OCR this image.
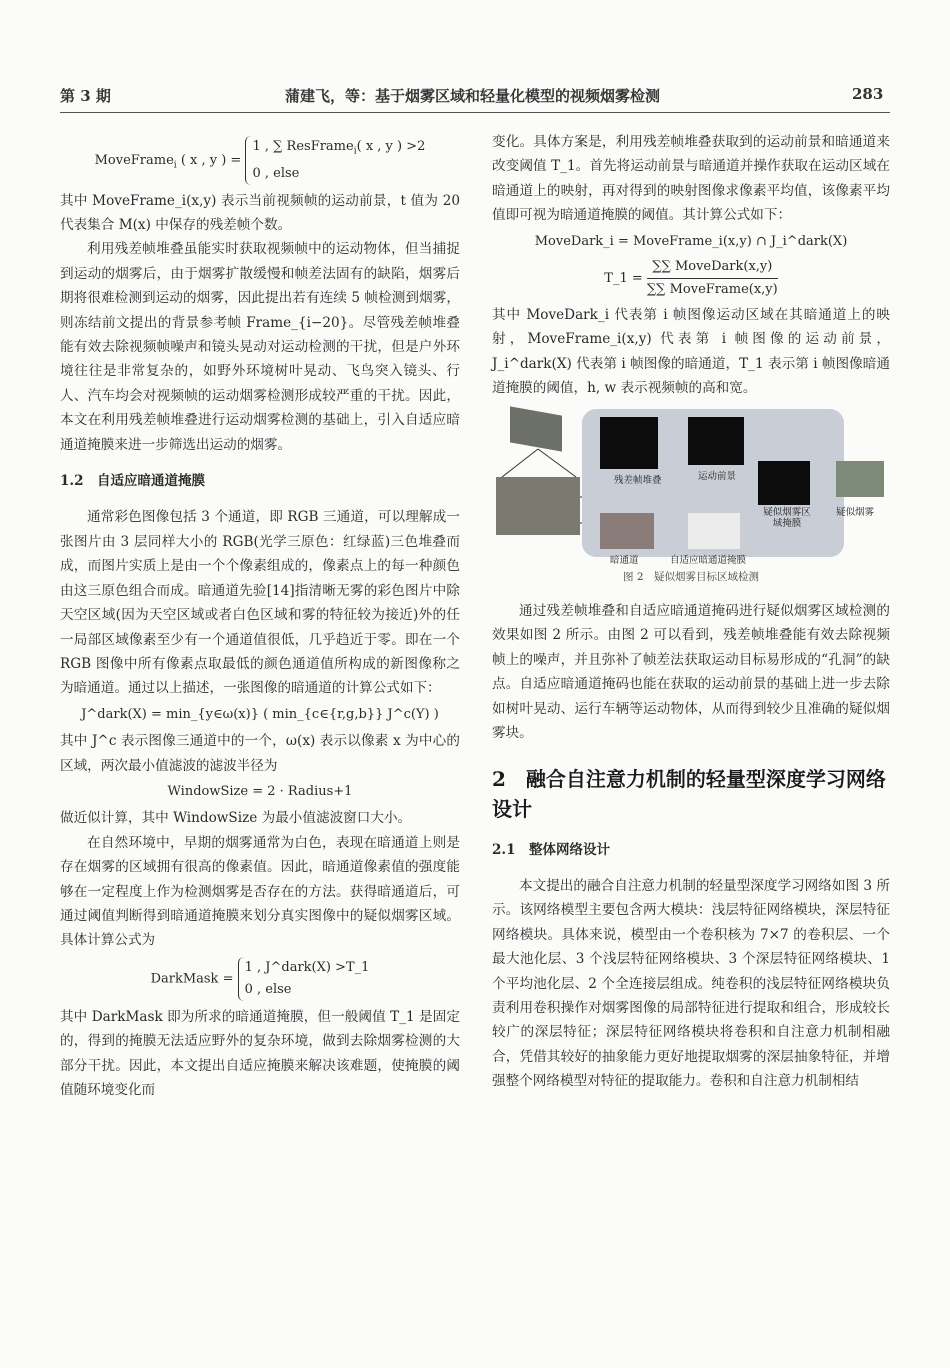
第 3 期	蒲建飞，等：基于烟雾区域和轻量化模型的视频烟雾检测	283
MoveFrame$_i$ ( x , y ) = 1 , ∑ ResFrame$_i$( x , y ) >2
0 , else

其中 MoveFrame_i(x,y) 表示当前视频帧的运动前景，t 值为 20 代表集合 M(x) 中保存的残差帧个数。

利用残差帧堆叠虽能实时获取视频帧中的运动物体，但当捕捉到运动的烟雾后，由于烟雾扩散缓慢和帧差法固有的缺陷，烟雾后期将很难检测到运动的烟雾，因此提出若有连续 5 帧检测到烟雾，则冻结前文提出的背景参考帧 Frame_{i−20}。尽管残差帧堆叠能有效去除视频帧噪声和镜头晃动对运动检测的干扰，但是户外环境往往是非常复杂的，如野外环境树叶晃动、飞鸟突入镜头、行人、汽车均会对视频帧的运动烟雾检测形成较严重的干扰。因此，本文在利用残差帧堆叠进行运动烟雾检测的基础上，引入自适应暗通道掩膜来进一步筛选出运动的烟雾。

1.2　自适应暗通道掩膜

通常彩色图像包括 3 个通道，即 RGB 三通道，可以理解成一张图片由 3 层同样大小的 RGB(光学三原色：红绿蓝)三色堆叠而成，而图片实质上是由一个个像素组成的，像素点上的每一种颜色由这三原色组合而成。暗通道先验[14]指清晰无雾的彩色图片中除天空区域(因为天空区域或者白色区域和雾的特征较为接近)外的任一局部区域像素至少有一个通道值很低，几乎趋近于零。即在一个 RGB 图像中所有像素点取最低的颜色通道值所构成的新图像称之为暗通道。通过以上描述，一张图像的暗通道的计算公式如下：

J^dark(X) = min_{y∈ω(x)} ( min_{c∈{r,g,b}} J^c(Y) )

其中 J^c 表示图像三通道中的一个，ω(x) 表示以像素 x 为中心的区域，两次最小值滤波的滤波半径为

WindowSize = 2 · Radius+1

做近似计算，其中 WindowSize 为最小值滤波窗口大小。

在自然环境中，早期的烟雾通常为白色，表现在暗通道上则是存在烟雾的区域拥有很高的像素值。因此，暗通道像素值的强度能够在一定程度上作为检测烟雾是否存在的方法。获得暗通道后，可通过阈值判断得到暗通道掩膜来划分真实图像中的疑似烟雾区域。具体计算公式为

DarkMask = 1 , J^dark(X) >T_1
0 , else

其中 DarkMask 即为所求的暗通道掩膜，但一般阈值 T_1 是固定的，得到的掩膜无法适应野外的复杂环境，做到去除烟雾检测的大部分干扰。因此，本文提出自适应掩膜来解决该难题，使掩膜的阈值随环境变化而

变化。具体方案是，利用残差帧堆叠获取到的运动前景和暗通道来改变阈值 T_1。首先将运动前景与暗通道并操作获取在运动区域在暗通道上的映射，再对得到的映射图像求像素平均值，该像素平均值即可视为暗通道掩膜的阈值。其计算公式如下：

MoveDark_i = MoveFrame_i(x,y) ∩ J_i^dark(X)
T_1 = $\frac{\text{∑∑ MoveDark(x,y)}}{\text{∑∑ MoveFrame(x,y)}}$

其中 MoveDark_i 代表第 i 帧图像运动区域在其暗通道上的映射，MoveFrame_i(x,y) 代表第 i 帧图像的运动前景，J_i^dark(X) 代表第 i 帧图像的暗通道，T_1 表示第 i 帧图像暗通道掩膜的阈值，h, w 表示视频帧的高和宽。

残差帧堆叠	运动前景
疑似烟雾区域掩膜
疑似烟雾
暗通道	自适应暗通道掩膜
图 2　疑似烟雾目标区域检测

通过残差帧堆叠和自适应暗通道掩码进行疑似烟雾区域检测的效果如图 2 所示。由图 2 可以看到，残差帧堆叠能有效去除视频帧上的噪声，并且弥补了帧差法获取运动目标易形成的“孔洞”的缺点。自适应暗通道掩码也能在获取的运动前景的基础上进一步去除如树叶晃动、运行车辆等运动物体，从而得到较少且准确的疑似烟雾块。

2　融合自注意力机制的轻量型深度学习网络设计
2.1　整体网络设计

本文提出的融合自注意力机制的轻量型深度学习网络如图 3 所示。该网络模型主要包含两大模块：浅层特征网络模块，深层特征网络模块。具体来说，模型由一个卷积核为 7×7 的卷积层、一个最大池化层、3 个浅层特征网络模块、3 个深层特征网络模块、1 个平均池化层、2 个全连接层组成。纯卷积的浅层特征网络模块负责利用卷积操作对烟雾图像的局部特征进行提取和组合，形成较长较广的深层特征；深层特征网络模块将卷积和自注意力机制相融合，凭借其较好的抽象能力更好地提取烟雾的深层抽象特征，并增强整个网络模型对特征的提取能力。卷积和自注意力机制相结
